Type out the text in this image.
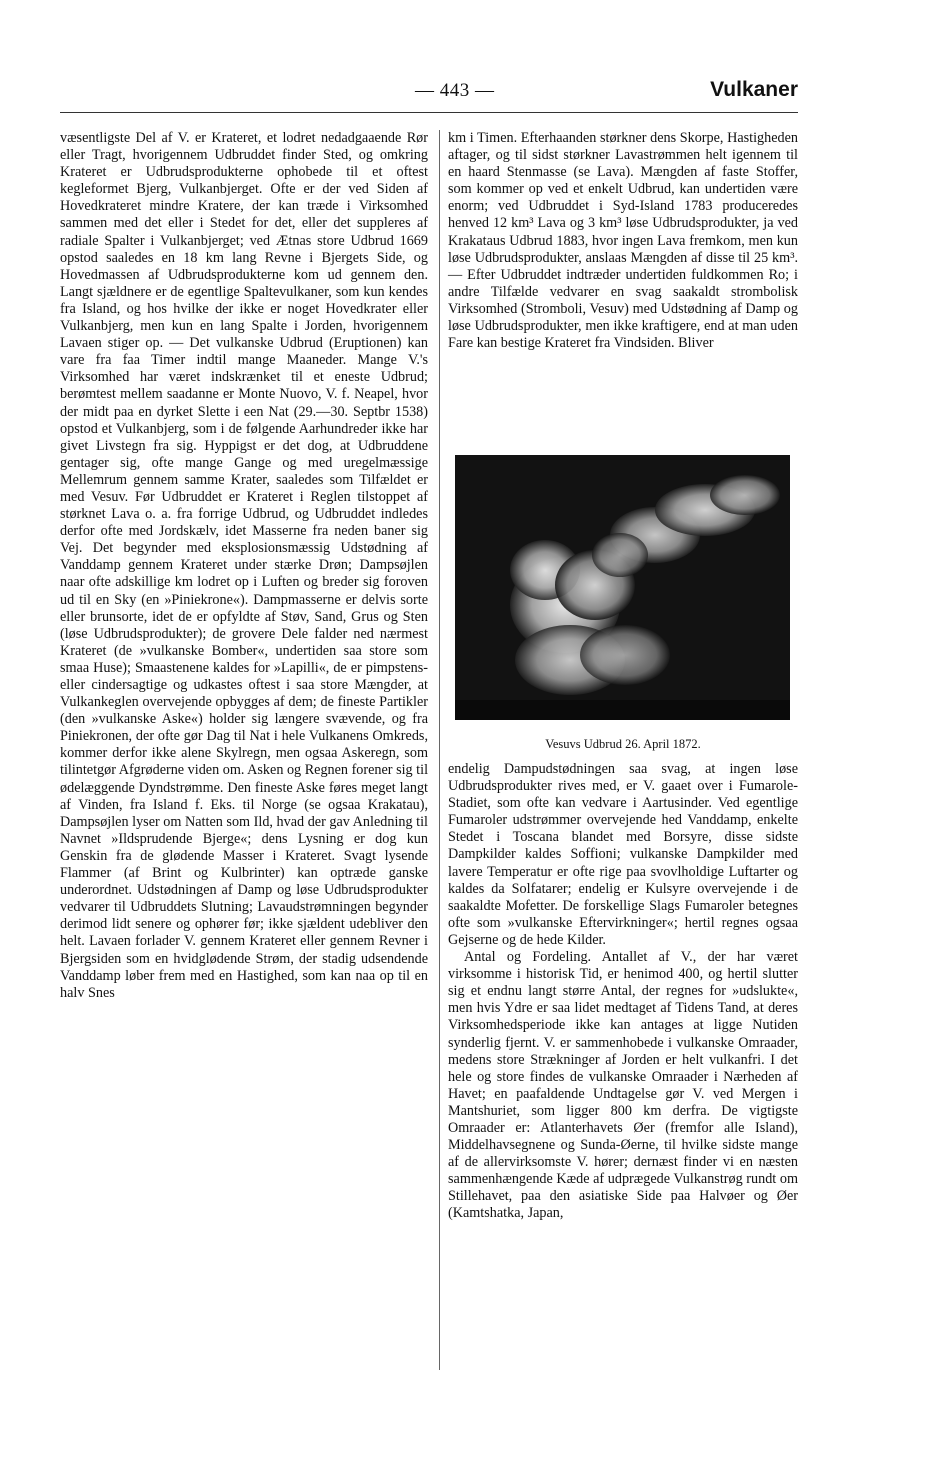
— 443 —	Vulkaner

væsentligste Del af V. er Krateret, et lodret nedadgaaende Rør eller Tragt, hvorigennem Udbruddet finder Sted, og omkring Krateret er Udbrudsprodukterne ophobede til et oftest kegleformet Bjerg, Vulkanbjerget. Ofte er der ved Siden af Hovedkrateret mindre Kratere, der kan træde i Virksomhed sammen med det eller i Stedet for det, eller det suppleres af radiale Spalter i Vulkanbjerget; ved Ætnas store Udbrud 1669 opstod saaledes en 18 km lang Revne i Bjergets Side, og Hovedmassen af Udbrudsprodukterne kom ud gennem den. Langt sjældnere er de egentlige Spaltevulkaner, som kun kendes fra Island, og hos hvilke der ikke er noget Hovedkrater eller Vulkanbjerg, men kun en lang Spalte i Jorden, hvorigennem Lavaen stiger op. — Det vulkanske Udbrud (Eruptionen) kan vare fra faa Timer indtil mange Maaneder. Mange V.'s Virksomhed har været indskrænket til et eneste Udbrud; berømtest mellem saadanne er Monte Nuovo, V. f. Neapel, hvor der midt paa en dyrket Slette i een Nat (29.—30. Septbr 1538) opstod et Vulkanbjerg, som i de følgende Aarhundreder ikke har givet Livstegn fra sig. Hyppigst er det dog, at Udbruddene gentager sig, ofte mange Gange og med uregelmæssige Mellemrum gennem samme Krater, saaledes som Tilfældet er med Vesuv. Før Udbruddet er Krateret i Reglen tilstoppet af størknet Lava o. a. fra forrige Udbrud, og Udbruddet indledes derfor ofte med Jordskælv, idet Masserne fra neden baner sig Vej. Det begynder med eksplosionsmæssig Udstødning af Vanddamp gennem Krateret under stærke Drøn; Dampsøjlen naar ofte adskillige km lodret op i Luften og breder sig foroven ud til en Sky (en »Piniekrone«). Dampmasserne er delvis sorte eller brunsorte, idet de er opfyldte af Støv, Sand, Grus og Sten (løse Udbrudsprodukter); de grovere Dele falder ned nærmest Krateret (de »vulkanske Bomber«, undertiden saa store som smaa Huse); Smaastenene kaldes for »Lapilli«, de er pimpstens- eller cindersagtige og udkastes oftest i saa store Mængder, at Vulkankeglen overvejende opbygges af dem; de fineste Partikler (den »vulkanske Aske«) holder sig længere svævende, og fra Piniekronen, der ofte gør Dag til Nat i hele Vulkanens Omkreds, kommer derfor ikke alene Skylregn, men ogsaa Askeregn, som tilintetgør Afgrøderne viden om. Asken og Regnen forener sig til ødelæggende Dyndstrømme. Den fineste Aske føres meget langt af Vinden, fra Island f. Eks. til Norge (se ogsaa Krakatau), Dampsøjlen lyser om Natten som Ild, hvad der gav Anledning til Navnet »Ildsprudende Bjerge«; dens Lysning er dog kun Genskin fra de glødende Masser i Krateret. Svagt lysende Flammer (af Brint og Kulbrinter) kan optræde ganske underordnet. Udstødningen af Damp og løse Udbrudsprodukter vedvarer til Udbruddets Slutning; Lavaudstrømningen begynder derimod lidt senere og ophører før; ikke sjældent udebliver den helt. Lavaen forlader V. gennem Krateret eller gennem Revner i Bjergsiden som en hvidglødende Strøm, der stadig udsendende Vanddamp løber frem med en Hastighed, som kan naa op til en halv Snes

km i Timen. Efterhaanden størkner dens Skorpe, Hastigheden aftager, og til sidst størkner Lavastrømmen helt igennem til en haard Stenmasse (se Lava). Mængden af faste Stoffer, som kommer op ved et enkelt Udbrud, kan undertiden være enorm; ved Udbruddet i Syd-Island 1783 produceredes henved 12 km³ Lava og 3 km³ løse Udbrudsprodukter, ja ved Krakataus Udbrud 1883, hvor ingen Lava fremkom, men kun løse Udbrudsprodukter, anslaas Mængden af disse til 25 km³. — Efter Udbruddet indtræder undertiden fuldkommen Ro; i andre Tilfælde vedvarer en svag saakaldt strombolisk Virksomhed (Stromboli, Vesuv) med Udstødning af Damp og løse Udbrudsprodukter, men ikke kraftigere, end at man uden Fare kan bestige Krateret fra Vindsiden. Bliver

Vesuvs Udbrud 26. April 1872.

endelig Dampudstødningen saa svag, at ingen løse Udbrudsprodukter rives med, er V. gaaet over i Fumarole-Stadiet, som ofte kan vedvare i Aartusinder. Ved egentlige Fumaroler udstrømmer overvejende hed Vanddamp, enkelte Stedet i Toscana blandet med Borsyre, disse sidste Dampkilder kaldes Soffioni; vulkanske Dampkilder med lavere Temperatur er ofte rige paa svovlholdige Luftarter og kaldes da Solfatarer; endelig er Kulsyre overvejende i de saakaldte Mofetter. De forskellige Slags Fumaroler betegnes ofte som »vulkanske Eftervirkninger«; hertil regnes ogsaa Gejserne og de hede Kilder.

Antal og Fordeling. Antallet af V., der har været virksomme i historisk Tid, er henimod 400, og hertil slutter sig et endnu langt større Antal, der regnes for »udslukte«, men hvis Ydre er saa lidet medtaget af Tidens Tand, at deres Virksomhedsperiode ikke kan antages at ligge Nutiden synderlig fjernt. V. er sammenhobede i vulkanske Omraader, medens store Strækninger af Jorden er helt vulkanfri. I det hele og store findes de vulkanske Omraader i Nærheden af Havet; en paafaldende Undtagelse gør V. ved Mergen i Mantshuriet, som ligger 800 km derfra. De vigtigste Omraader er: Atlanterhavets Øer (fremfor alle Island), Middelhavsegnene og Sunda-Øerne, til hvilke sidste mange af de allervirksomste V. hører; dernæst finder vi en næsten sammenhængende Kæde af udprægede Vulkanstrøg rundt om Stillehavet, paa den asiatiske Side paa Halvøer og Øer (Kamtshatka, Japan,
